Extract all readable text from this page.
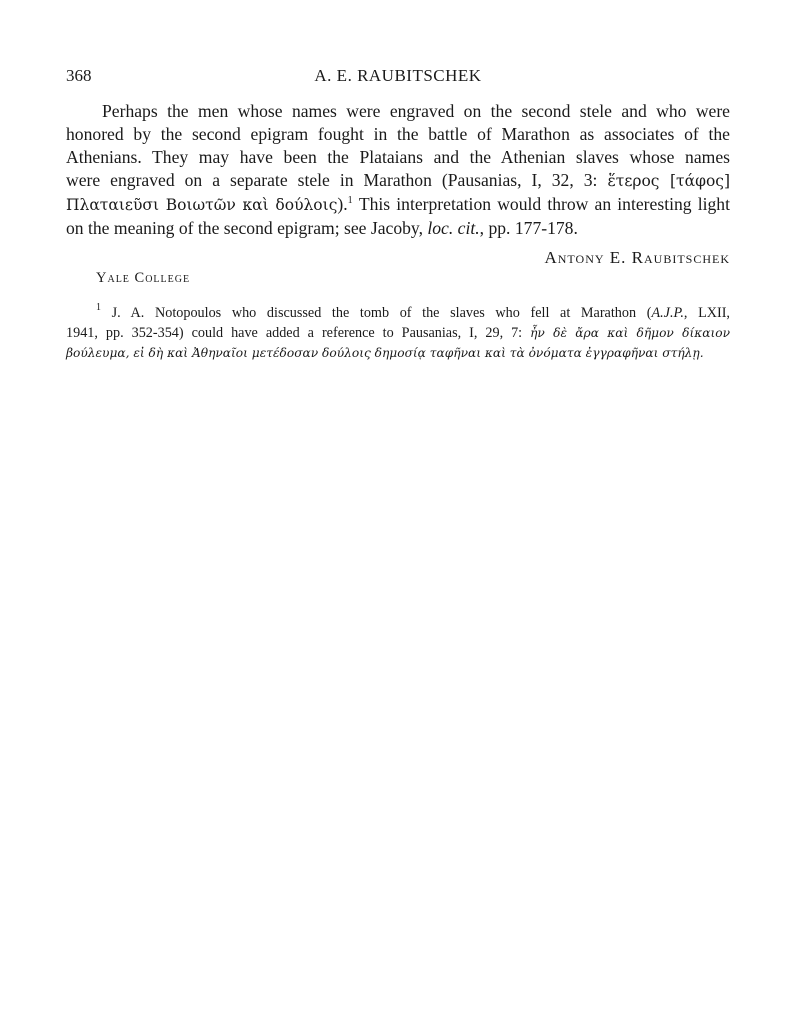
368	A. E. RAUBITSCHEK
Perhaps the men whose names were engraved on the second stele and who were
honored by the second epigram fought in the battle of Marathon as associates of the
Athenians. They may have been the Plataians and the Athenian slaves whose names
were engraved on a separate stele in Marathon (Pausanias, I, 32, 3: ἕτερος [τάφος]
Πλαταιεῦσι Βοιωτῶν καὶ δούλοις).$^1$ This interpretation would throw an interesting light
on the meaning of the second epigram; see Jacoby, loc. cit., pp. 177-178.
Antony E. Raubitschek
Yale College
$^1$ J. A. Notopoulos who discussed the tomb of the slaves who fell at Marathon (A.J.P., LXII,
1941, pp. 352-354) could have added a reference to Pausanias, I, 29, 7: ἦν δὲ ἄρα καὶ δῆμον δίκαιον
βούλευμα, εἰ δὴ καὶ Ἀθηναῖοι μετέδοσαν δούλοις δημοσίᾳ ταφῆναι καὶ τὰ ὀνόματα ἐγγραφῆναι στήλῃ.
